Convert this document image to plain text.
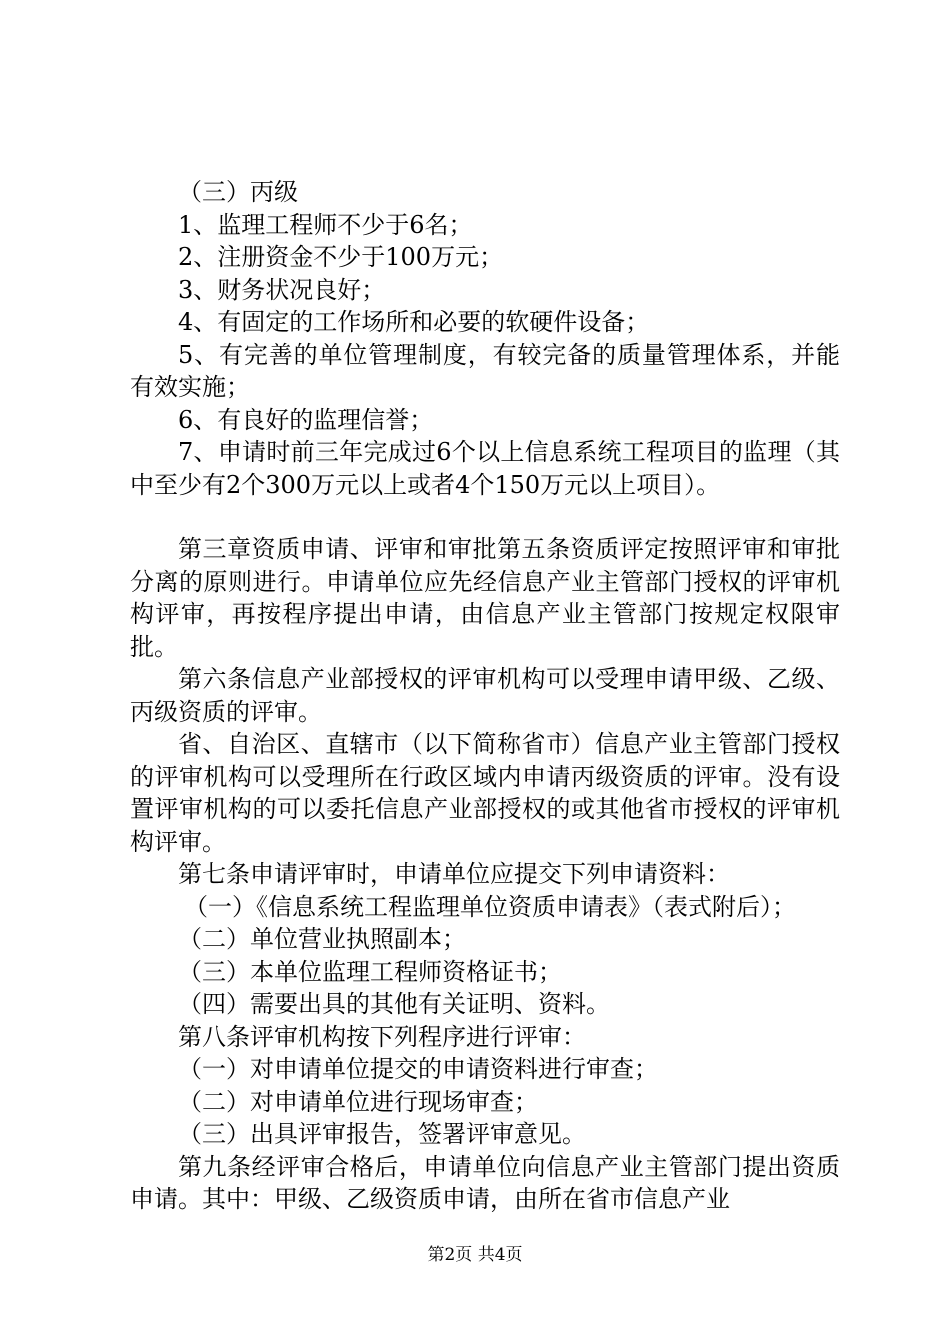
（三）丙级

1、监理工程师不少于6名；

2、注册资金不少于100万元；

3、财务状况良好；

4、有固定的工作场所和必要的软硬件设备；

5、有完善的单位管理制度，有较完备的质量管理体系，并能有效实施；

6、有良好的监理信誉；

7、申请时前三年完成过6个以上信息系统工程项目的监理（其中至少有2个300万元以上或者4个150万元以上项目）。

第三章资质申请、评审和审批第五条资质评定按照评审和审批分离的原则进行。申请单位应先经信息产业主管部门授权的评审机构评审，再按程序提出申请，由信息产业主管部门按规定权限审批。

第六条信息产业部授权的评审机构可以受理申请甲级、乙级、丙级资质的评审。

省、自治区、直辖市（以下简称省市）信息产业主管部门授权的评审机构可以受理所在行政区域内申请丙级资质的评审。没有设置评审机构的可以委托信息产业部授权的或其他省市授权的评审机构评审。

第七条申请评审时，申请单位应提交下列申请资料：

（一）《信息系统工程监理单位资质申请表》（表式附后）；

（二）单位营业执照副本；

（三）本单位监理工程师资格证书；

（四）需要出具的其他有关证明、资料。

第八条评审机构按下列程序进行评审：

（一）对申请单位提交的申请资料进行审查；

（二）对申请单位进行现场审查；

（三）出具评审报告，签署评审意见。

第九条经评审合格后，申请单位向信息产业主管部门提出资质申请。其中：甲级、乙级资质申请，由所在省市信息产业

第2页 共4页
